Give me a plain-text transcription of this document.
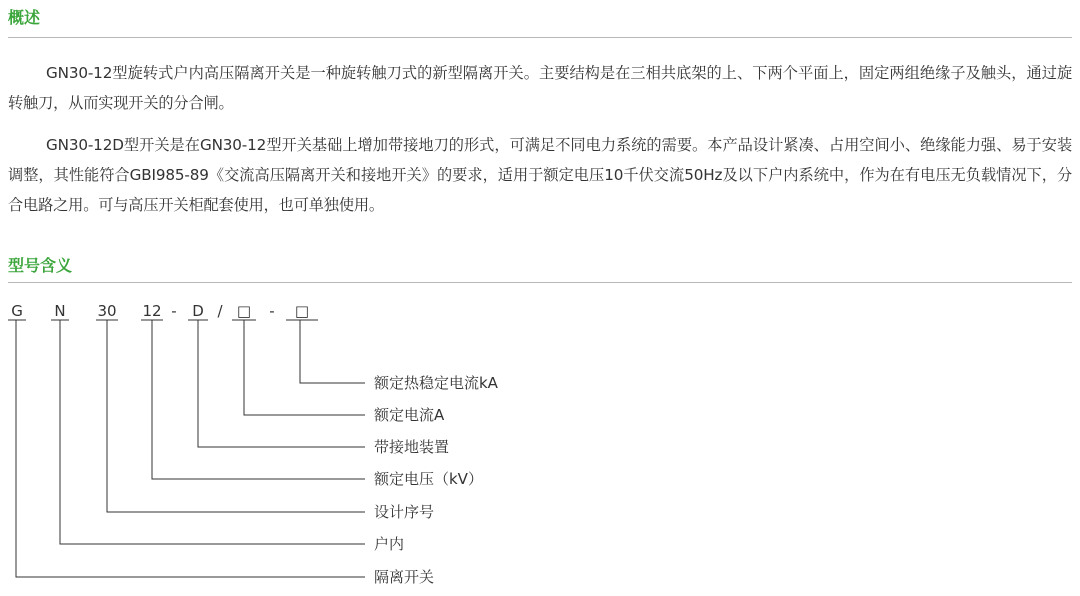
概述
GN30-12型旋转式户内高压隔离开关是一种旋转触刀式的新型隔离开关。主要结构是在三相共底架的上、下两个平面上，固定两组绝缘子及触头，通过旋转触刀，从而实现开关的分合闸。
GN30-12D型开关是在GN30-12型开关基础上增加带接地刀的形式，可满足不同电力系统的需要。本产品设计紧凑、占用空间小、绝缘能力强、易于安装调整，其性能符合GBI985-89《交流高压隔离开关和接地开关》的要求，适用于额定电压10千伏交流50Hz及以下户内系统中，作为在有电压无负载情况下，分合电路之用。可与高压开关柜配套使用，也可单独使用。
型号含义
G N 30 12 - D / □ - □
额定热稳定电流kA
额定电流A
带接地装置
额定电压（kV）
设计序号
户内
隔离开关
